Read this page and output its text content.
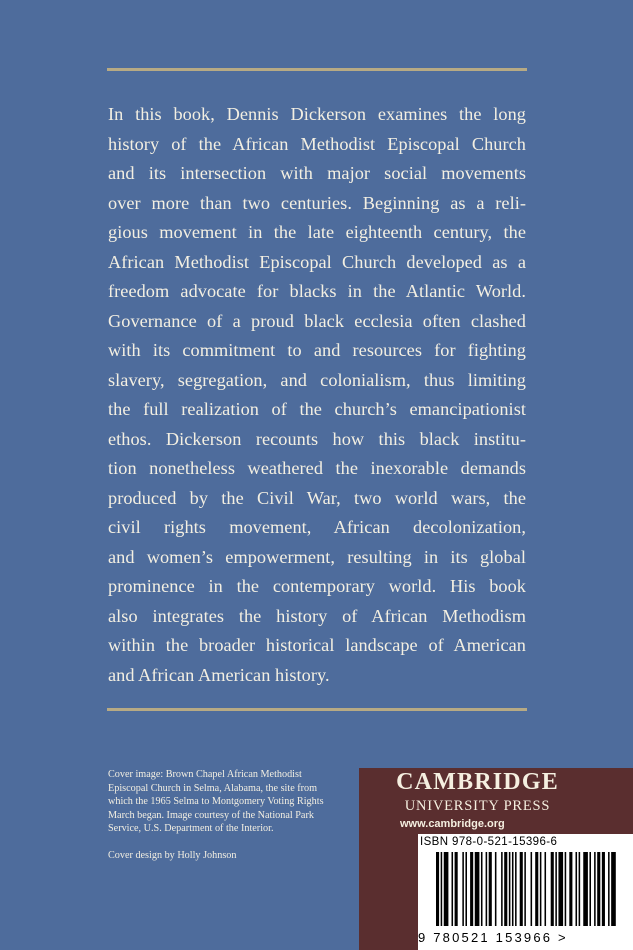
In this book, Dennis Dickerson examines the long
history of the African Methodist Episcopal Church
and its intersection with major social movements
over more than two centuries. Beginning as a reli-
gious movement in the late eighteenth century, the
African Methodist Episcopal Church developed as a
freedom advocate for blacks in the Atlantic World.
Governance of a proud black ecclesia often clashed
with its commitment to and resources for fighting
slavery, segregation, and colonialism, thus limiting
the full realization of the church’s emancipationist
ethos. Dickerson recounts how this black institu-
tion nonetheless weathered the inexorable demands
produced by the Civil War, two world wars, the
civil rights movement, African decolonization,
and women’s empowerment, resulting in its global
prominence in the contemporary world. His book
also integrates the history of African Methodism
within the broader historical landscape of American
and African American history.

Cover image: Brown Chapel African Methodist Episcopal Church in Selma, Alabama, the site from which the 1965 Selma to Montgomery Voting Rights March began. Image courtesy of the National Park Service, U.S. Department of the Interior.

Cover design by Holly Johnson

CAMBRIDGE
UNIVERSITY PRESS
www.cambridge.org
ISBN 978-0-521-15396-6
9 780521 153966 >
